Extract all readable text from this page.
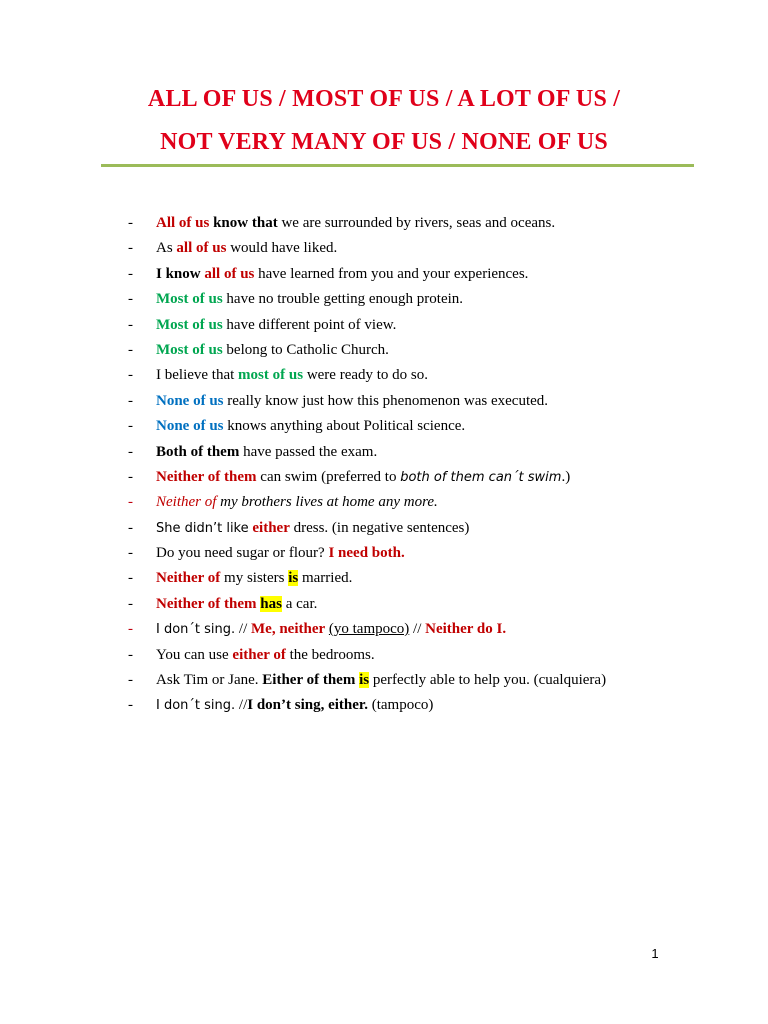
ALL OF US / MOST OF US / A LOT OF US /
NOT VERY MANY OF US / NONE OF US
-	All of us know that we are surrounded by rivers, seas and oceans.
-	As all of us would have liked.
-	I know all of us have learned from you and your experiences.
-	Most of us have no trouble getting enough protein.
-	Most of us have different point of view.
-	Most of us belong to Catholic Church.
-	I believe that most of us were ready to do so.
-	None of us really know just how this phenomenon was executed.
-	None of us knows anything about Political science.
-	Both of them have passed the exam.
-	Neither of them can swim (preferred to both of them can´t swim.)
-	Neither of my brothers lives at home any more.
-	She didn’t like either dress. (in negative sentences)
-	Do you need sugar or flour? I need both.
-	Neither of my sisters is married.
-	Neither of them has a car.
-	I don´t sing. // Me, neither (yo tampoco) // Neither do I.
-	You can use either of the bedrooms.
-	Ask Tim or Jane. Either of them is perfectly able to help you. (cualquiera)
-	I don´t sing. //I don’t sing, either. (tampoco)
1
